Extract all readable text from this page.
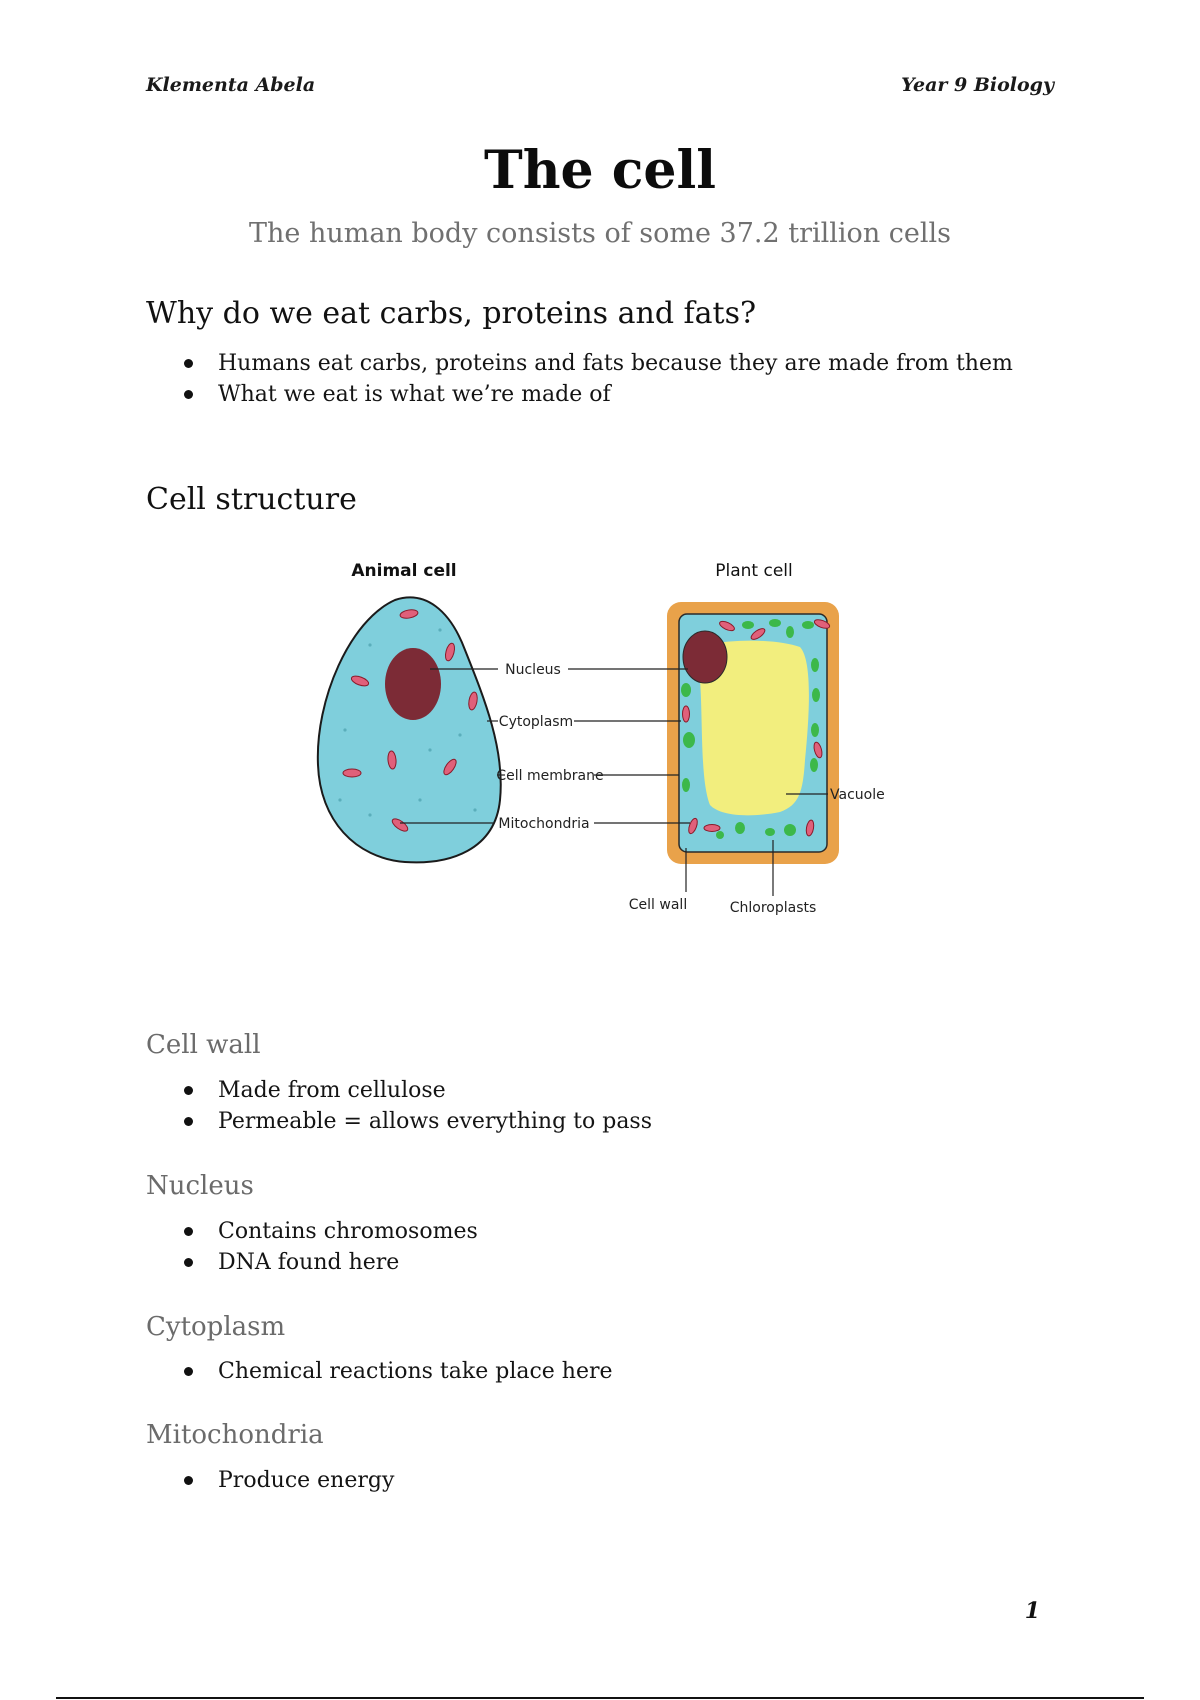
Klementa Abela	Year 9 Biology
The cell
The human body consists of some 37.2 trillion cells
Why do we eat carbs, proteins and fats?
Humans eat carbs, proteins and fats because they are made from them
What we eat is what we’re made of
Cell structure
Animal cell	Plant cell
Nucleus
Cytoplasm
Cell membrane
Mitochondria
Vacuole
Cell wall	Chloroplasts
Cell wall
Made from cellulose
Permeable = allows everything to pass
Nucleus
Contains chromosomes
DNA found here
Cytoplasm
Chemical reactions take place here
Mitochondria
Produce energy
1
